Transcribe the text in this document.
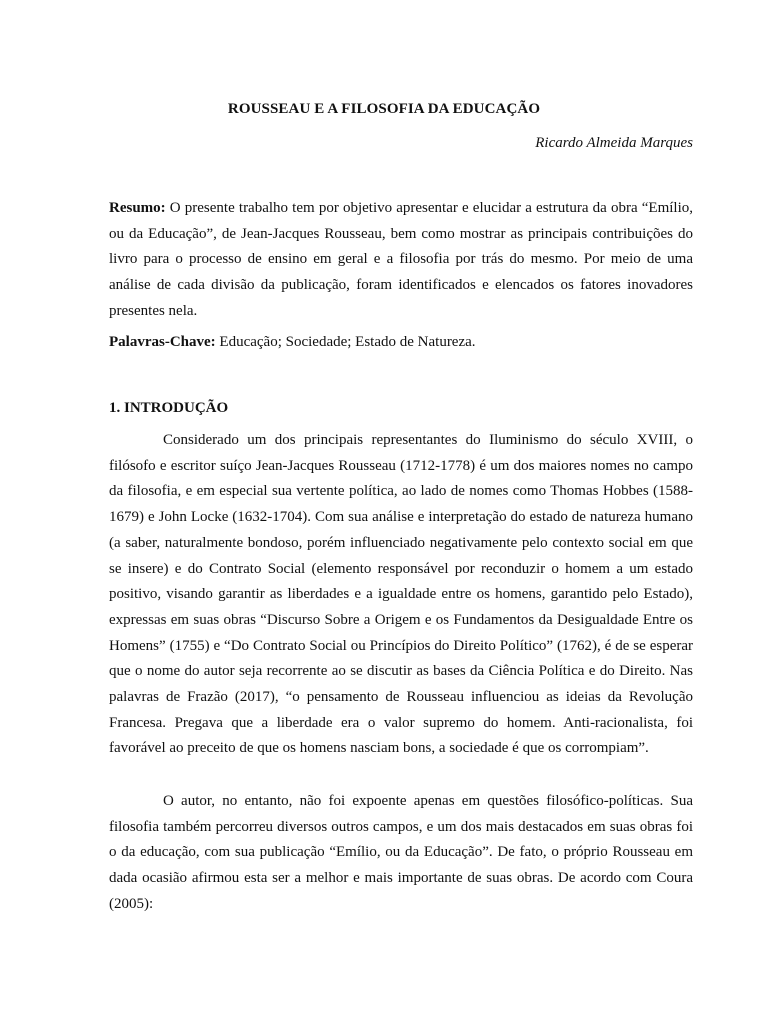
ROUSSEAU E A FILOSOFIA DA EDUCAÇÃO
Ricardo Almeida Marques

Resumo: O presente trabalho tem por objetivo apresentar e elucidar a estrutura da obra “Emílio, ou da Educação”, de Jean-Jacques Rousseau, bem como mostrar as principais contribuições do livro para o processo de ensino em geral e a filosofia por trás do mesmo. Por meio de uma análise de cada divisão da publicação, foram identificados e elencados os fatores inovadores presentes nela.

Palavras-Chave: Educação; Sociedade; Estado de Natureza.

1. INTRODUÇÃO

Considerado um dos principais representantes do Iluminismo do século XVIII, o filósofo e escritor suíço Jean-Jacques Rousseau (1712-1778) é um dos maiores nomes no campo da filosofia, e em especial sua vertente política, ao lado de nomes como Thomas Hobbes (1588-1679) e John Locke (1632-1704). Com sua análise e interpretação do estado de natureza humano (a saber, naturalmente bondoso, porém influenciado negativamente pelo contexto social em que se insere) e do Contrato Social (elemento responsável por reconduzir o homem a um estado positivo, visando garantir as liberdades e a igualdade entre os homens, garantido pelo Estado), expressas em suas obras “Discurso Sobre a Origem e os Fundamentos da Desigualdade Entre os Homens” (1755) e “Do Contrato Social ou Princípios do Direito Político” (1762), é de se esperar que o nome do autor seja recorrente ao se discutir as bases da Ciência Política e do Direito. Nas palavras de Frazão (2017), “o pensamento de Rousseau influenciou as ideias da Revolução Francesa. Pregava que a liberdade era o valor supremo do homem. Anti-racionalista, foi favorável ao preceito de que os homens nasciam bons, a sociedade é que os corrompiam”.

O autor, no entanto, não foi expoente apenas em questões filosófico-políticas. Sua filosofia também percorreu diversos outros campos, e um dos mais destacados em suas obras foi o da educação, com sua publicação “Emílio, ou da Educação”. De fato, o próprio Rousseau em dada ocasião afirmou esta ser a melhor e mais importante de suas obras. De acordo com Coura (2005):
